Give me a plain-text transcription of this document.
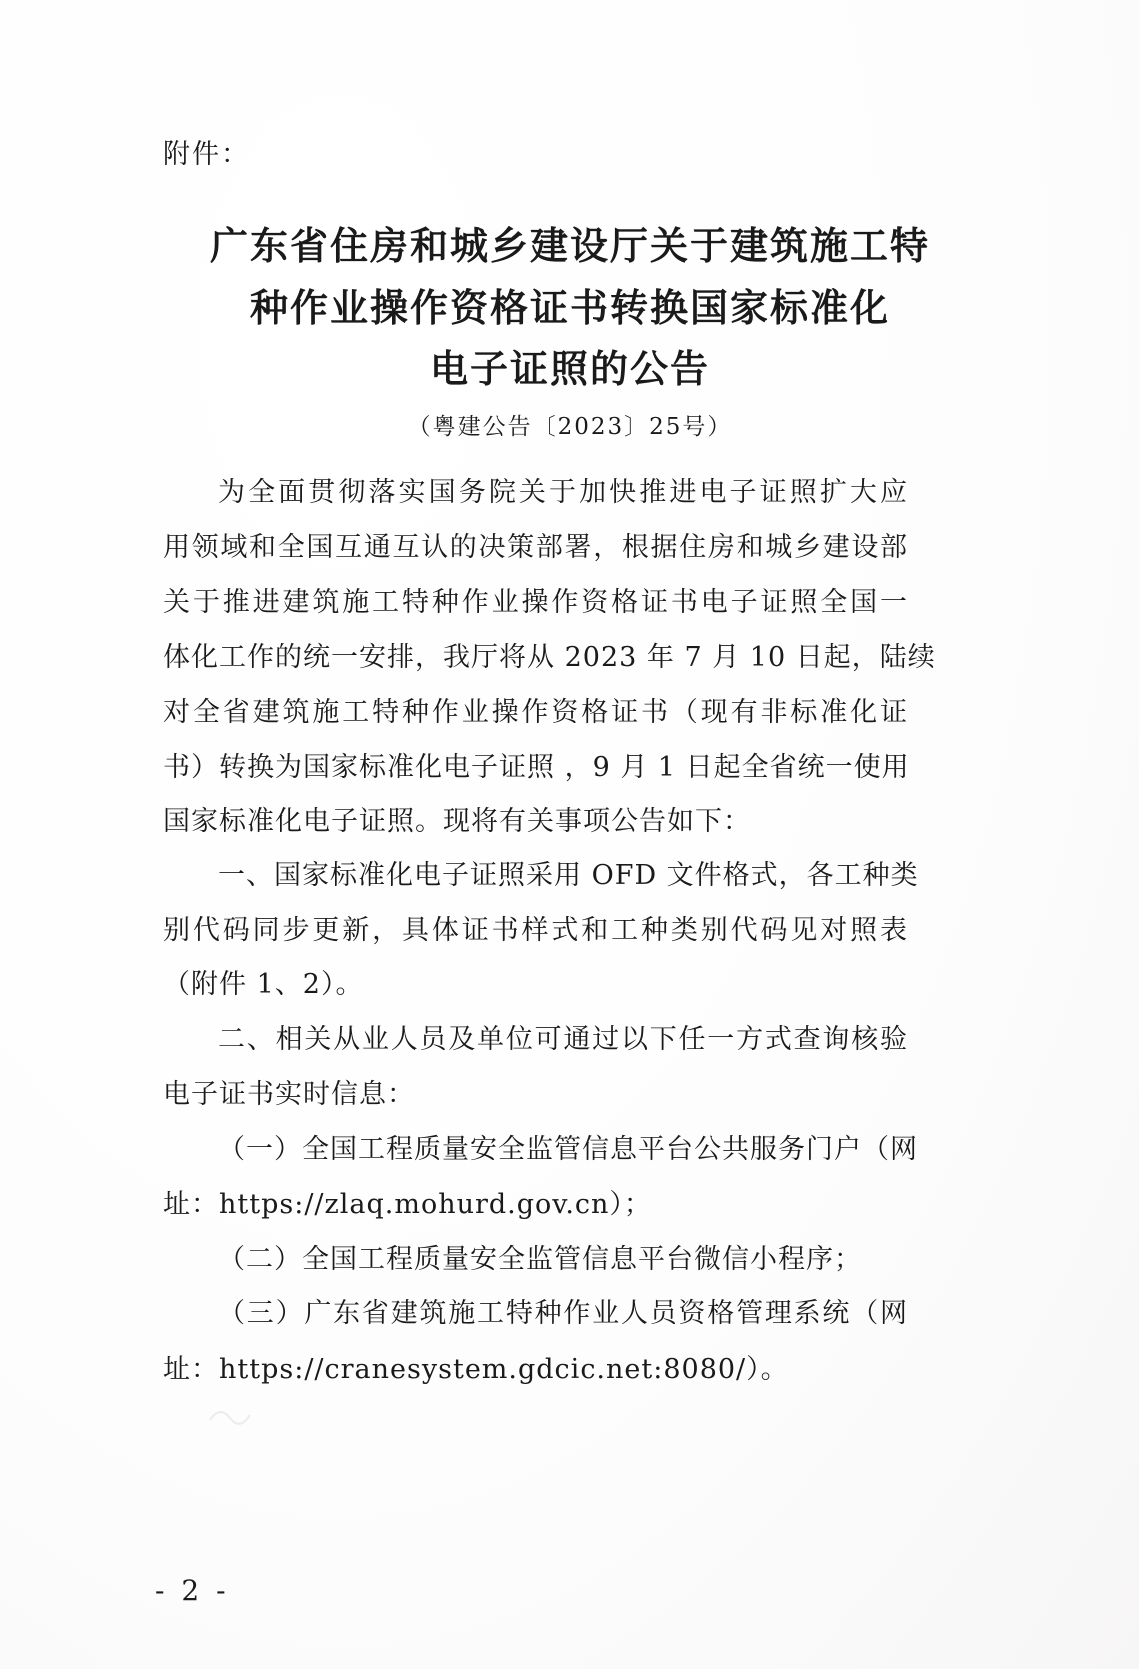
附件：
广东省住房和城乡建设厅关于建筑施工特
种作业操作资格证书转换国家标准化
电子证照的公告
（粤建公告〔2023〕25号）
为全面贯彻落实国务院关于加快推进电子证照扩大应
用领域和全国互通互认的决策部署，根据住房和城乡建设部
关于推进建筑施工特种作业操作资格证书电子证照全国一
体化工作的统一安排，我厅将从 2023 年 7 月 10 日起，陆续
对全省建筑施工特种作业操作资格证书（现有非标准化证
书）转换为国家标准化电子证照 ，9 月 1 日起全省统一使用
国家标准化电子证照。现将有关事项公告如下：
一、国家标准化电子证照采用 OFD 文件格式，各工种类
别代码同步更新，具体证书样式和工种类别代码见对照表
（附件 1、2）。
二、相关从业人员及单位可通过以下任一方式查询核验
电子证书实时信息：
（一）全国工程质量安全监管信息平台公共服务门户（网
址：https://zlaq.mohurd.gov.cn）；
（二）全国工程质量安全监管信息平台微信小程序；
（三）广东省建筑施工特种作业人员资格管理系统（网
址：https://cranesystem.gdcic.net:8080/）。
- 2 -
